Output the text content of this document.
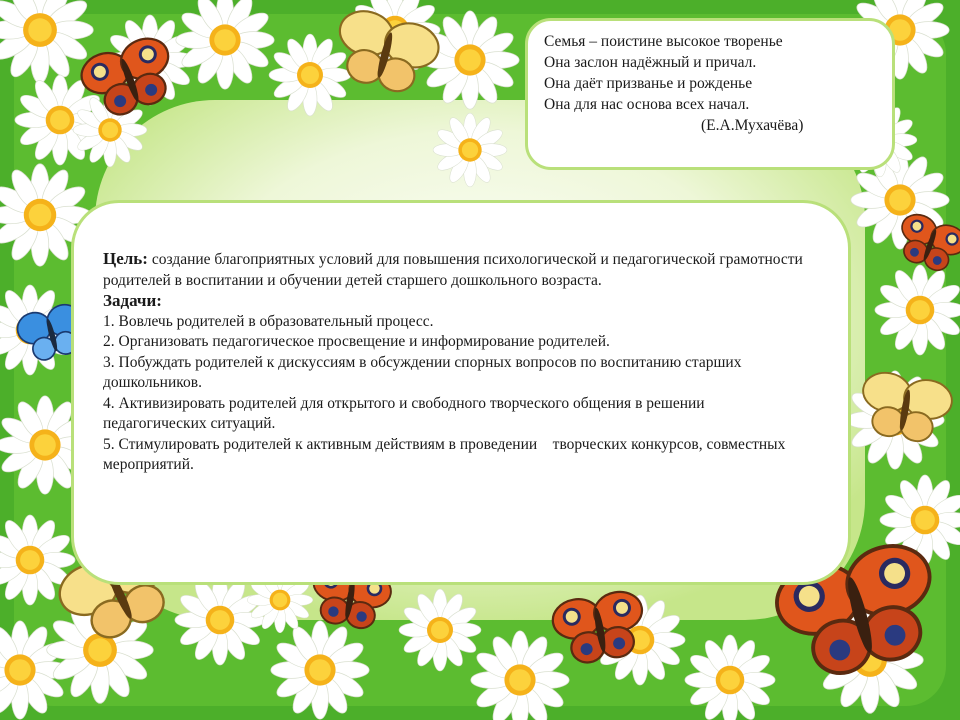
Семья – поистине высокое творенье
Она заслон надёжный и причал.
Она даёт призванье и рожденье
Она для нас основа всех начал.
(Е.А.Мухачёва)
Цель: создание благоприятных условий для повышения психологической и педагогической грамотности родителей в воспитании и обучении детей старшего дошкольного возраста.
Задачи:
1. Вовлечь родителей в образовательный процесс.
2. Организовать педагогическое просвещение и информирование родителей.
3. Побуждать родителей к дискуссиям в обсуждении спорных вопросов по воспитанию старших дошкольников.
4. Активизировать родителей для открытого и свободного творческого общения в решении педагогических ситуаций.
5. Стимулировать родителей к активным действиям в проведении    творческих конкурсов, совместных мероприятий.
